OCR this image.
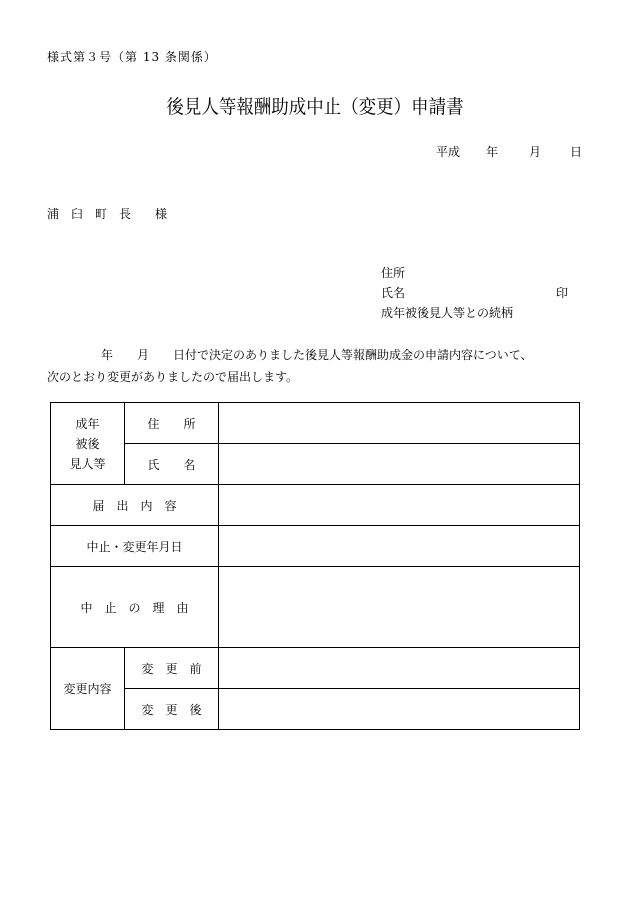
様式第３号（第 13 条関係）
後見人等報酬助成中止（変更）申請書
平成 年	月 日
浦　臼　町　長　　様
住所
氏名	印
成年被後見人等との続柄
年　　月　　日付で決定のありました後見人等報酬助成金の申請内容について、
次のとおり変更がありましたので届出します。
成年
被後
見人等	住　　所	
	氏　　名	
届　出　内　容		
中止・変更年月日		
中　止　の　理　由		
変更内容	変　更　前	
	変　更　後	
